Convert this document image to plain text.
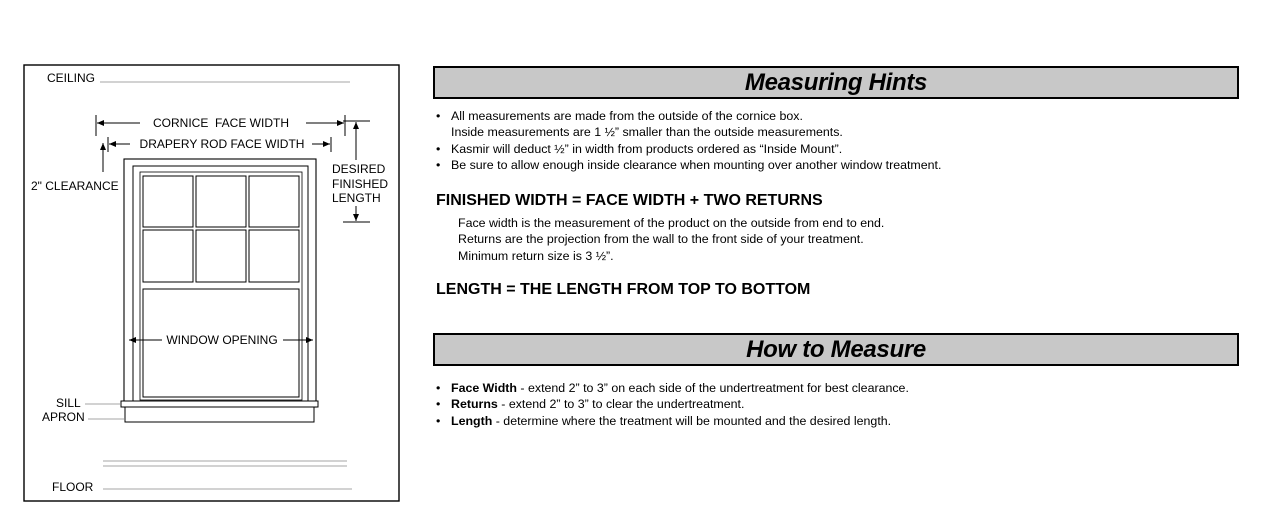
CEILING
CORNICE  FACE WIDTH
DRAPERY ROD FACE WIDTH
2" CLEARANCE
DESIRED
FINISHED
LENGTH
WINDOW OPENING
SILL
APRON
FLOOR
Measuring Hints
• All measurements are made from the outside of the cornice box.
Inside measurements are 1 ½” smaller than the outside measurements.
• Kasmir will deduct ½” in width from products ordered as “Inside Mount”.
• Be sure to allow enough inside clearance when mounting over another window treatment.
FINISHED WIDTH = FACE WIDTH + TWO RETURNS
Face width is the measurement of the product on the outside from end to end.
Returns are the projection from the wall to the front side of your treatment.
Minimum return size is 3 ½”.
LENGTH = THE LENGTH FROM TOP TO BOTTOM
How to Measure
• Face Width - extend 2” to 3” on each side of the undertreatment for best clearance.
• Returns - extend 2” to 3” to clear the undertreatment.
• Length - determine where the treatment will be mounted and the desired length.
